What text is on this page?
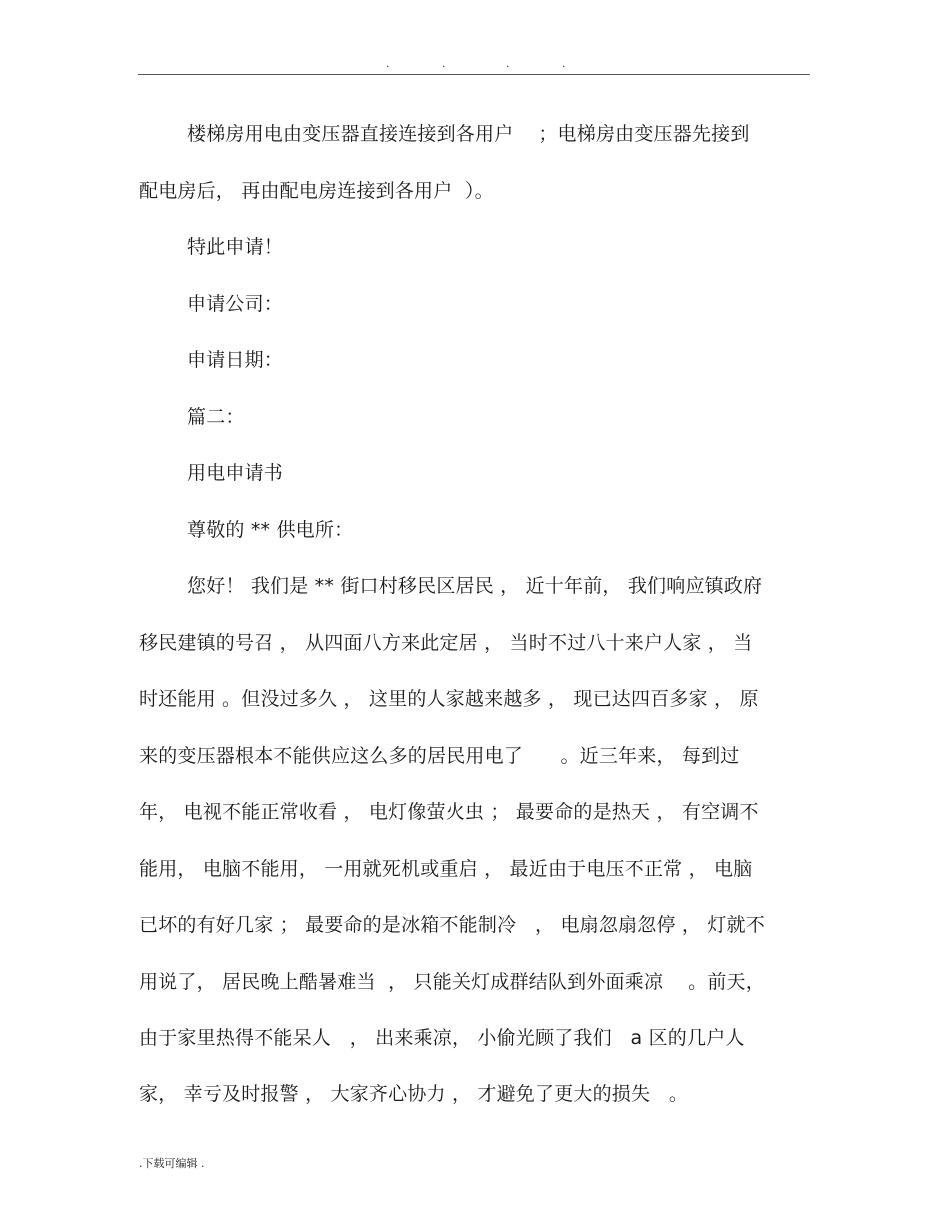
.	.	.	.
楼梯房用电由变压器直接连接到各用户    ；电梯房由变压器先接到
配电房后， 再由配电房连接到各用户  ）。
特此申请！
申请公司：
申请日期：
篇二：
用电申请书
尊敬的 ** 供电所：
您好！ 我们是 ** 街口村移民区居民 ， 近十年前， 我们响应镇政府
移民建镇的号召 ， 从四面八方来此定居 ， 当时不过八十来户人家 ， 当
时还能用 。但没过多久 ， 这里的人家越来越多 ， 现已达四百多家 ， 原
来的变压器根本不能供应这么多的居民用电了      。近三年来， 每到过
年， 电视不能正常收看 ， 电灯像萤火虫 ； 最要命的是热天 ， 有空调不
能用， 电脑不能用， 一用就死机或重启 ， 最近由于电压不正常 ， 电脑
已坏的有好几家 ； 最要命的是冰箱不能制冷   ， 电扇忽扇忽停 ， 灯就不
用说了， 居民晚上酷暑难当  ， 只能关灯成群结队到外面乘凉    。前天，
由于家里热得不能呆人   ， 出来乘凉， 小偷光顾了我们   a 区的几户人
家， 幸亏及时报警 ， 大家齐心协力 ， 才避免了更大的损失   。
.下载可编辑 .
